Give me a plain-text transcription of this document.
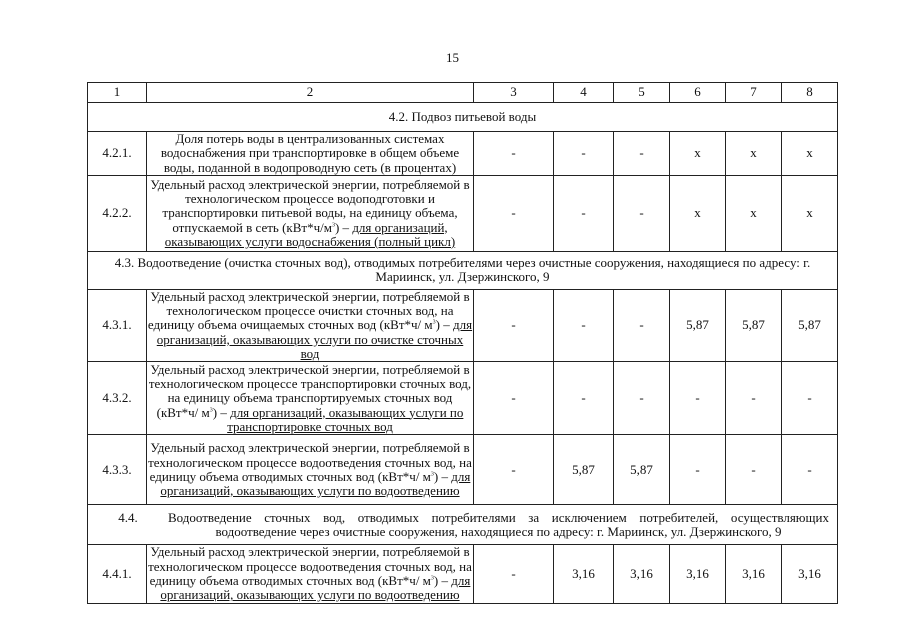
15
1	2	3	4	5	6	7	8
4.2. Подвоз питьевой воды							
4.2.1.	Доля потерь воды в централизованных системах водоснабжения при транспортировке в общем объеме воды, поданной в водопроводную сеть (в процентах)	-	-	-	x	x	x
4.2.2.	Удельный расход электрической энергии, потребляемой в технологическом процессе водоподготовки и транспортировки питьевой воды, на единицу объема, отпускаемой в сеть $(кВт*ч/м^3)$ – для организаций, оказывающих услуги водоснабжения (полный цикл)	-	-	-	x	x	x
4.3. Водоотведение (очистка сточных вод), отводимых потребителями через очистные сооружения, находящиеся по адресу: г. Мариинск, ул. Дзержинского, 9							
4.3.1.	Удельный расход электрической энергии, потребляемой в технологическом процессе очистки сточных вод, на единицу объема очищаемых сточных вод (кВт*ч/ $м^3$) – для организаций, оказывающих услуги по очистке сточных вод	-	-	-	5,87	5,87	5,87
4.3.2.	Удельный расход электрической энергии, потребляемой в технологическом процессе транспортировки сточных вод, на единицу объема транспортируемых сточных вод (кВт*ч/ $м^3$) – для организаций, оказывающих услуги по транспортировке сточных вод	-	-	-	-	-	-
4.3.3.	Удельный расход электрической энергии, потребляемой в технологическом процессе водоотведения сточных вод, на единицу объема отводимых сточных вод (кВт*ч/ $м^3$) – для организаций, оказывающих услуги по водоотведению	-	5,87	5,87	-	-	-

4.4. Водоотведение сточных вод, отводимых потребителями за исключением потребителей, осуществляющих водоотведение через очистные сооружения, находящиеся по адресу: г. Мариинск, ул. Дзержинского, 9							

4.4.1.	Удельный расход электрической энергии, потребляемой в технологическом процессе водоотведения сточных вод, на единицу объема отводимых сточных вод (кВт*ч/ $м^3$) – для организаций, оказывающих услуги по водоотведению	-	3,16	3,16	3,16	3,16	3,16
